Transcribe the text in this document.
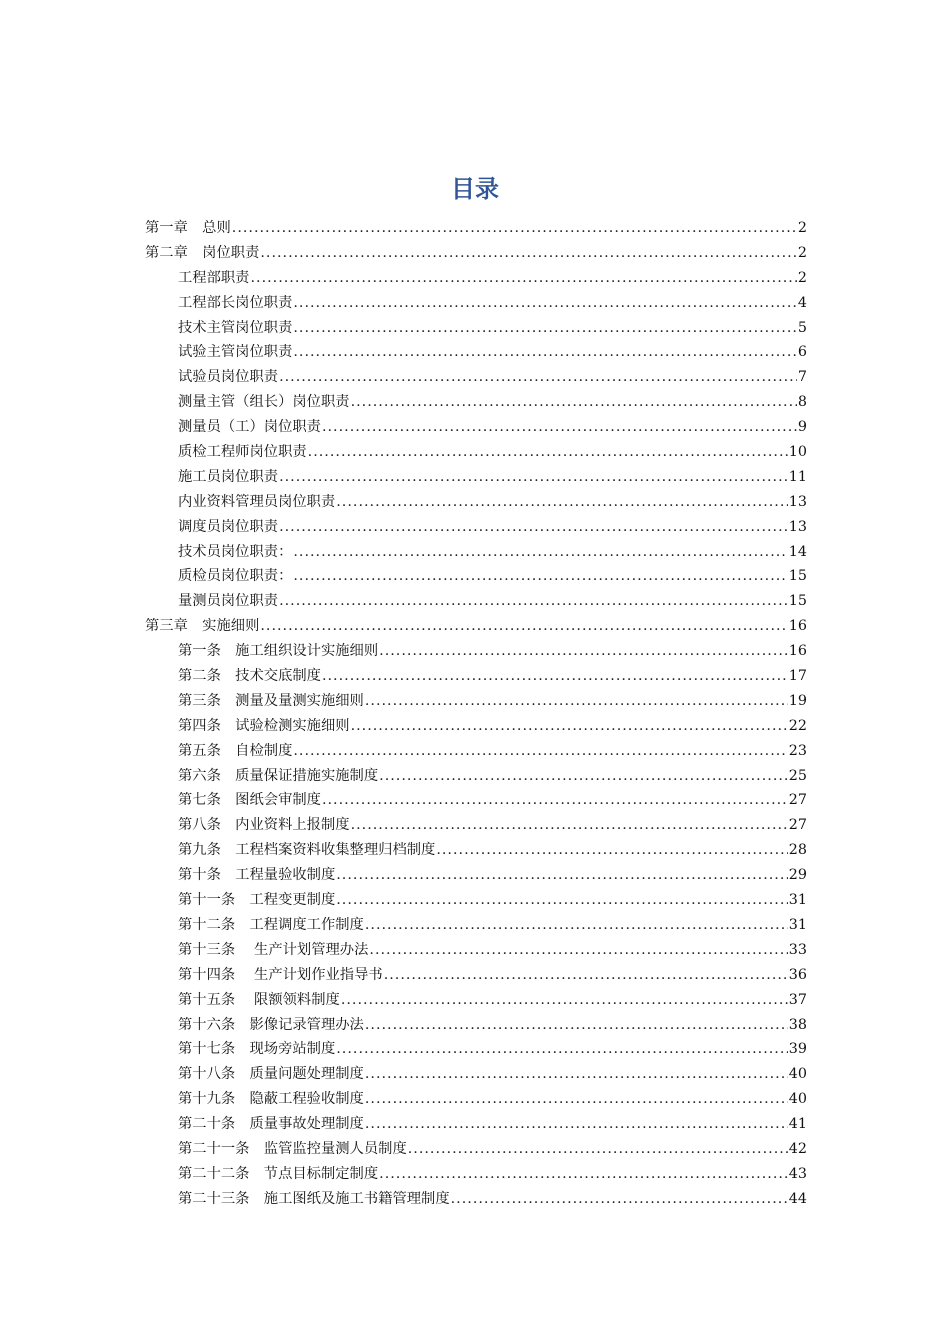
目录
第一章　总则 .....	2
第二章　岗位职责 .....	2
工程部职责 .....	2
工程部长岗位职责 .....	4
技术主管岗位职责 .....	5
试验主管岗位职责 .....	6
试验员岗位职责 .....	7
测量主管（组长）岗位职责 .....	8
测量员（工）岗位职责 .....	9
质检工程师岗位职责 .....	10
施工员岗位职责 .....	11
内业资料管理员岗位职责 .....	13
调度员岗位职责 .....	13
技术员岗位职责： .....	14
质检员岗位职责： .....	15
量测员岗位职责 .....	15
第三章　实施细则 .....	16
第一条　施工组织设计实施细则 .....	16
第二条　技术交底制度 .....	17
第三条　测量及量测实施细则 .....	19
第四条　试验检测实施细则 .....	22
第五条　自检制度 .....	23
第六条　质量保证措施实施制度 .....	25
第七条　图纸会审制度 .....	27
第八条　内业资料上报制度 .....	27
第九条　工程档案资料收集整理归档制度 .....	28
第十条　工程量验收制度 .....	29
第十一条　工程变更制度 .....	31
第十二条　工程调度工作制度 .....	31
第十三条　 生产计划管理办法 .....	33
第十四条　 生产计划作业指导书 .....	36
第十五条　 限额领料制度 .....	37
第十六条　影像记录管理办法 .....	38
第十七条　现场旁站制度 .....	39
第十八条　质量问题处理制度 .....	40
第十九条　隐蔽工程验收制度 .....	40
第二十条　质量事故处理制度 .....	41
第二十一条　监管监控量测人员制度 .....	42
第二十二条　节点目标制定制度 .....	43
第二十三条　施工图纸及施工书籍管理制度 .....	44
